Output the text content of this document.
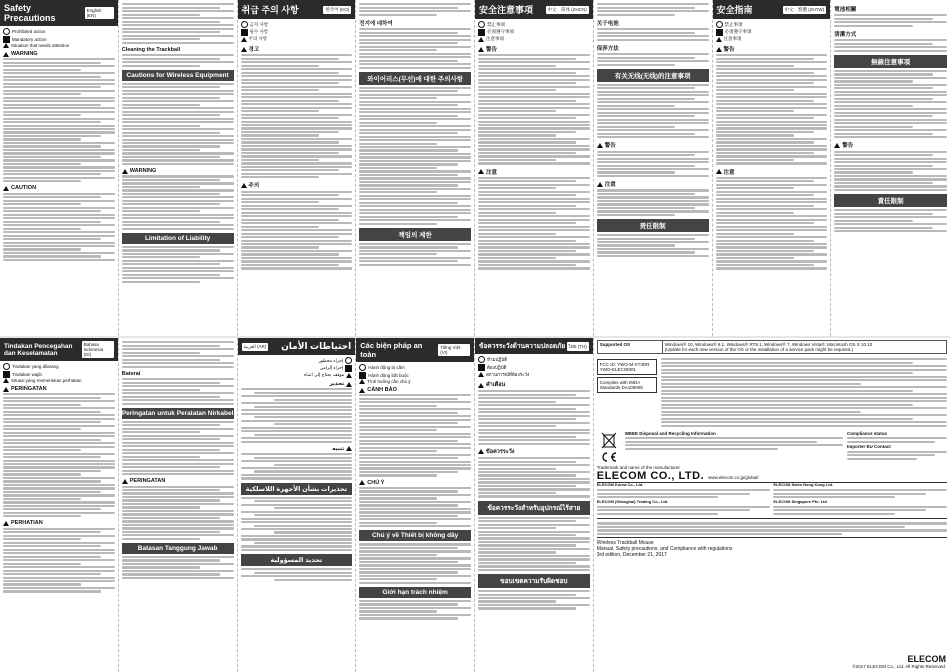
Safety Precautions
English (EN)
Prohibited action
Mandatory action
Situation that needs attention
WARNING
CAUTION
Cleaning the Trackball
Cautions for Wireless Equipment
WARNING
Limitation of Liability
취급 주의 사항	한국어 (KO)
금지 사항
필수 사항
주의 사항
경고
주의
전지에 대하여
와이어리스(무선)에 대한 주의사항
책임의 제한
安全注意事項	中文：简体 (ZHCN)
禁止事项
必须遵守事项
注意事项
警告
注意
关于电池
保养方法
有关无线(无线)的注意事项
警告
注意
责任限制
安全指南	中文：繁體 (ZHTW)
禁止事項
必須遵守事項
注意事項
警告
注意
電池相關
清潔方式
無線注意事項
警告
責任限制
Tindakan Pencegahan dan Keselamatan
Bahasa Indonesia (ID)
Tindakan yang dilarang
Tindakan wajib
Situasi yang memerlukan perhatian
PERINGATAN
PERHATIAN
Baterai
Peringatan untuk Peralatan Nirkabel
PERINGATAN
Batasan Tanggung Jawab
احتياطات الأمان
(AR) العربية
إجراء محظور
إجراء إلزامي
موقف يحتاج إلى انتباه
تحذير
تنبيه
تحذيرات بشأن الأجهزة اللاسلكية
تحديد المسؤولية
Các biện pháp an toàn
Tiếng Việt (VI)
Hành động bị cấm
Hành động bắt buộc
Tình huống cần chú ý
CẢNH BÁO
CHÚ Ý
Chú ý về Thiết bị không dây
Giới hạn trách nhiệm
ข้อควรระวังด้านความปลอดภัย ไทย (TH)
ห้ามปฏิบัติ
ต้องปฏิบัติ
สถานการณ์ที่ต้องระวัง
คำเตือน
ข้อควรระวัง
ข้อควรระวังสำหรับอุปกรณ์ไร้สาย
ขอบเขตความรับผิดชอบ
Supported OS	Windows® 10, Windows® 8.1, Windows® RT8.1, Windows® 7, Windows Vista®, Macintosh OS X 10.10
(Update for each new version of the OS or the installation of a service pack might be required.)
FCC ID: YWO-M-XT3DR YWO-ELECOM01
Complies with IMDA Standards DA109008
WEEE Disposal and Recycling Information	Compliance status
Importer EU Contact
Trademark and name of the manufacturer
ELECOM CO., LTD. www.elecom.co.jp/global/
ELECOM Korea Co., Ltd.	ELECOM Sales Hong Kong Ltd.
ELECOM (Shanghai) Trading Co., Ltd.	ELECOM Singapore Pte. Ltd
Wireless Trackball Mouse
Manual, Safety precautions, and Compliance with regulations
3rd edition, December 21, 2017
ELECOM
©2017 ELECOM Co., Ltd. All Rights Reserved.
